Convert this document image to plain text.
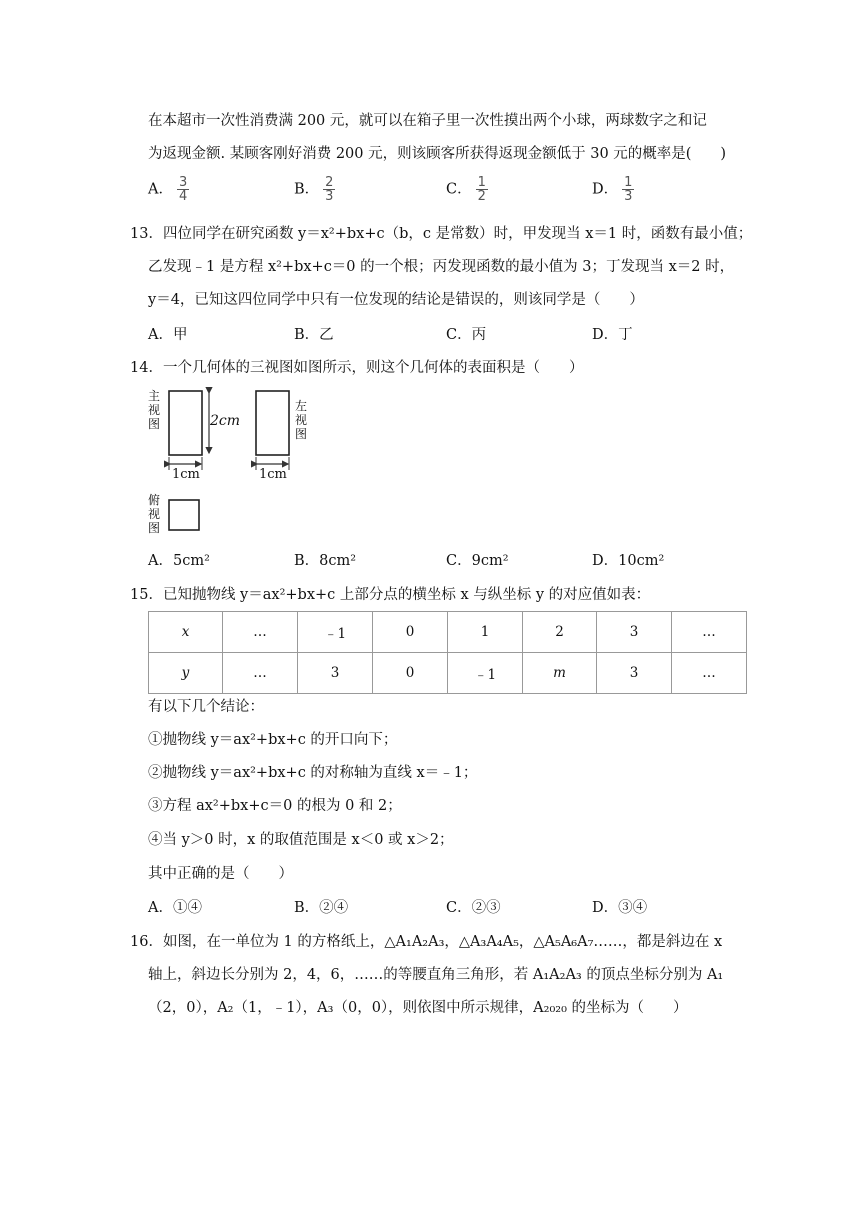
在本超市一次性消费满 200 元，就可以在箱子里一次性摸出两个小球，两球数字之和记
为返现金额. 某顾客刚好消费 200 元，则该顾客所获得返现金额低于 30 元的概率是(　　)
A． $\frac{3}{4}$	B． $\frac{2}{3}$	C． $\frac{1}{2}$	D． $\frac{1}{3}$
13．四位同学在研究函数 y＝x²+bx+c（b，c 是常数）时，甲发现当 x＝1 时，函数有最小值；
乙发现﹣1 是方程 x²+bx+c＝0 的一个根；丙发现函数的最小值为 3；丁发现当 x＝2 时，
y＝4，已知这四位同学中只有一位发现的结论是错误的，则该同学是（　　）
A．甲	B．乙	C．丙	D．丁
14．一个几何体的三视图如图所示，则这个几何体的表面积是（　　）
主视图
左视图
俯视图
2cm
1cm	1cm
A．5cm²	B．8cm²	C．9cm²	D．10cm²
15．已知抛物线 y＝ax²+bx+c 上部分点的横坐标 x 与纵坐标 y 的对应值如表：
x	…	﹣1	0	1	2	3	…
y	…	3	0	﹣1	m	3	…
有以下几个结论：
①抛物线 y＝ax²+bx+c 的开口向下；
②抛物线 y＝ax²+bx+c 的对称轴为直线 x＝﹣1；
③方程 ax²+bx+c＝0 的根为 0 和 2；
④当 y＞0 时，x 的取值范围是 x＜0 或 x＞2；
其中正确的是（　　）
A．①④	B．②④	C．②③	D．③④
16．如图，在一单位为 1 的方格纸上，△A₁A₂A₃，△A₃A₄A₅，△A₅A₆A₇……，都是斜边在 x
轴上，斜边长分别为 2，4，6，……的等腰直角三角形，若 A₁A₂A₃ 的顶点坐标分别为 A₁
（2，0），A₂（1，﹣1），A₃（0，0），则依图中所示规律，A₂₀₂₀ 的坐标为（　　）
